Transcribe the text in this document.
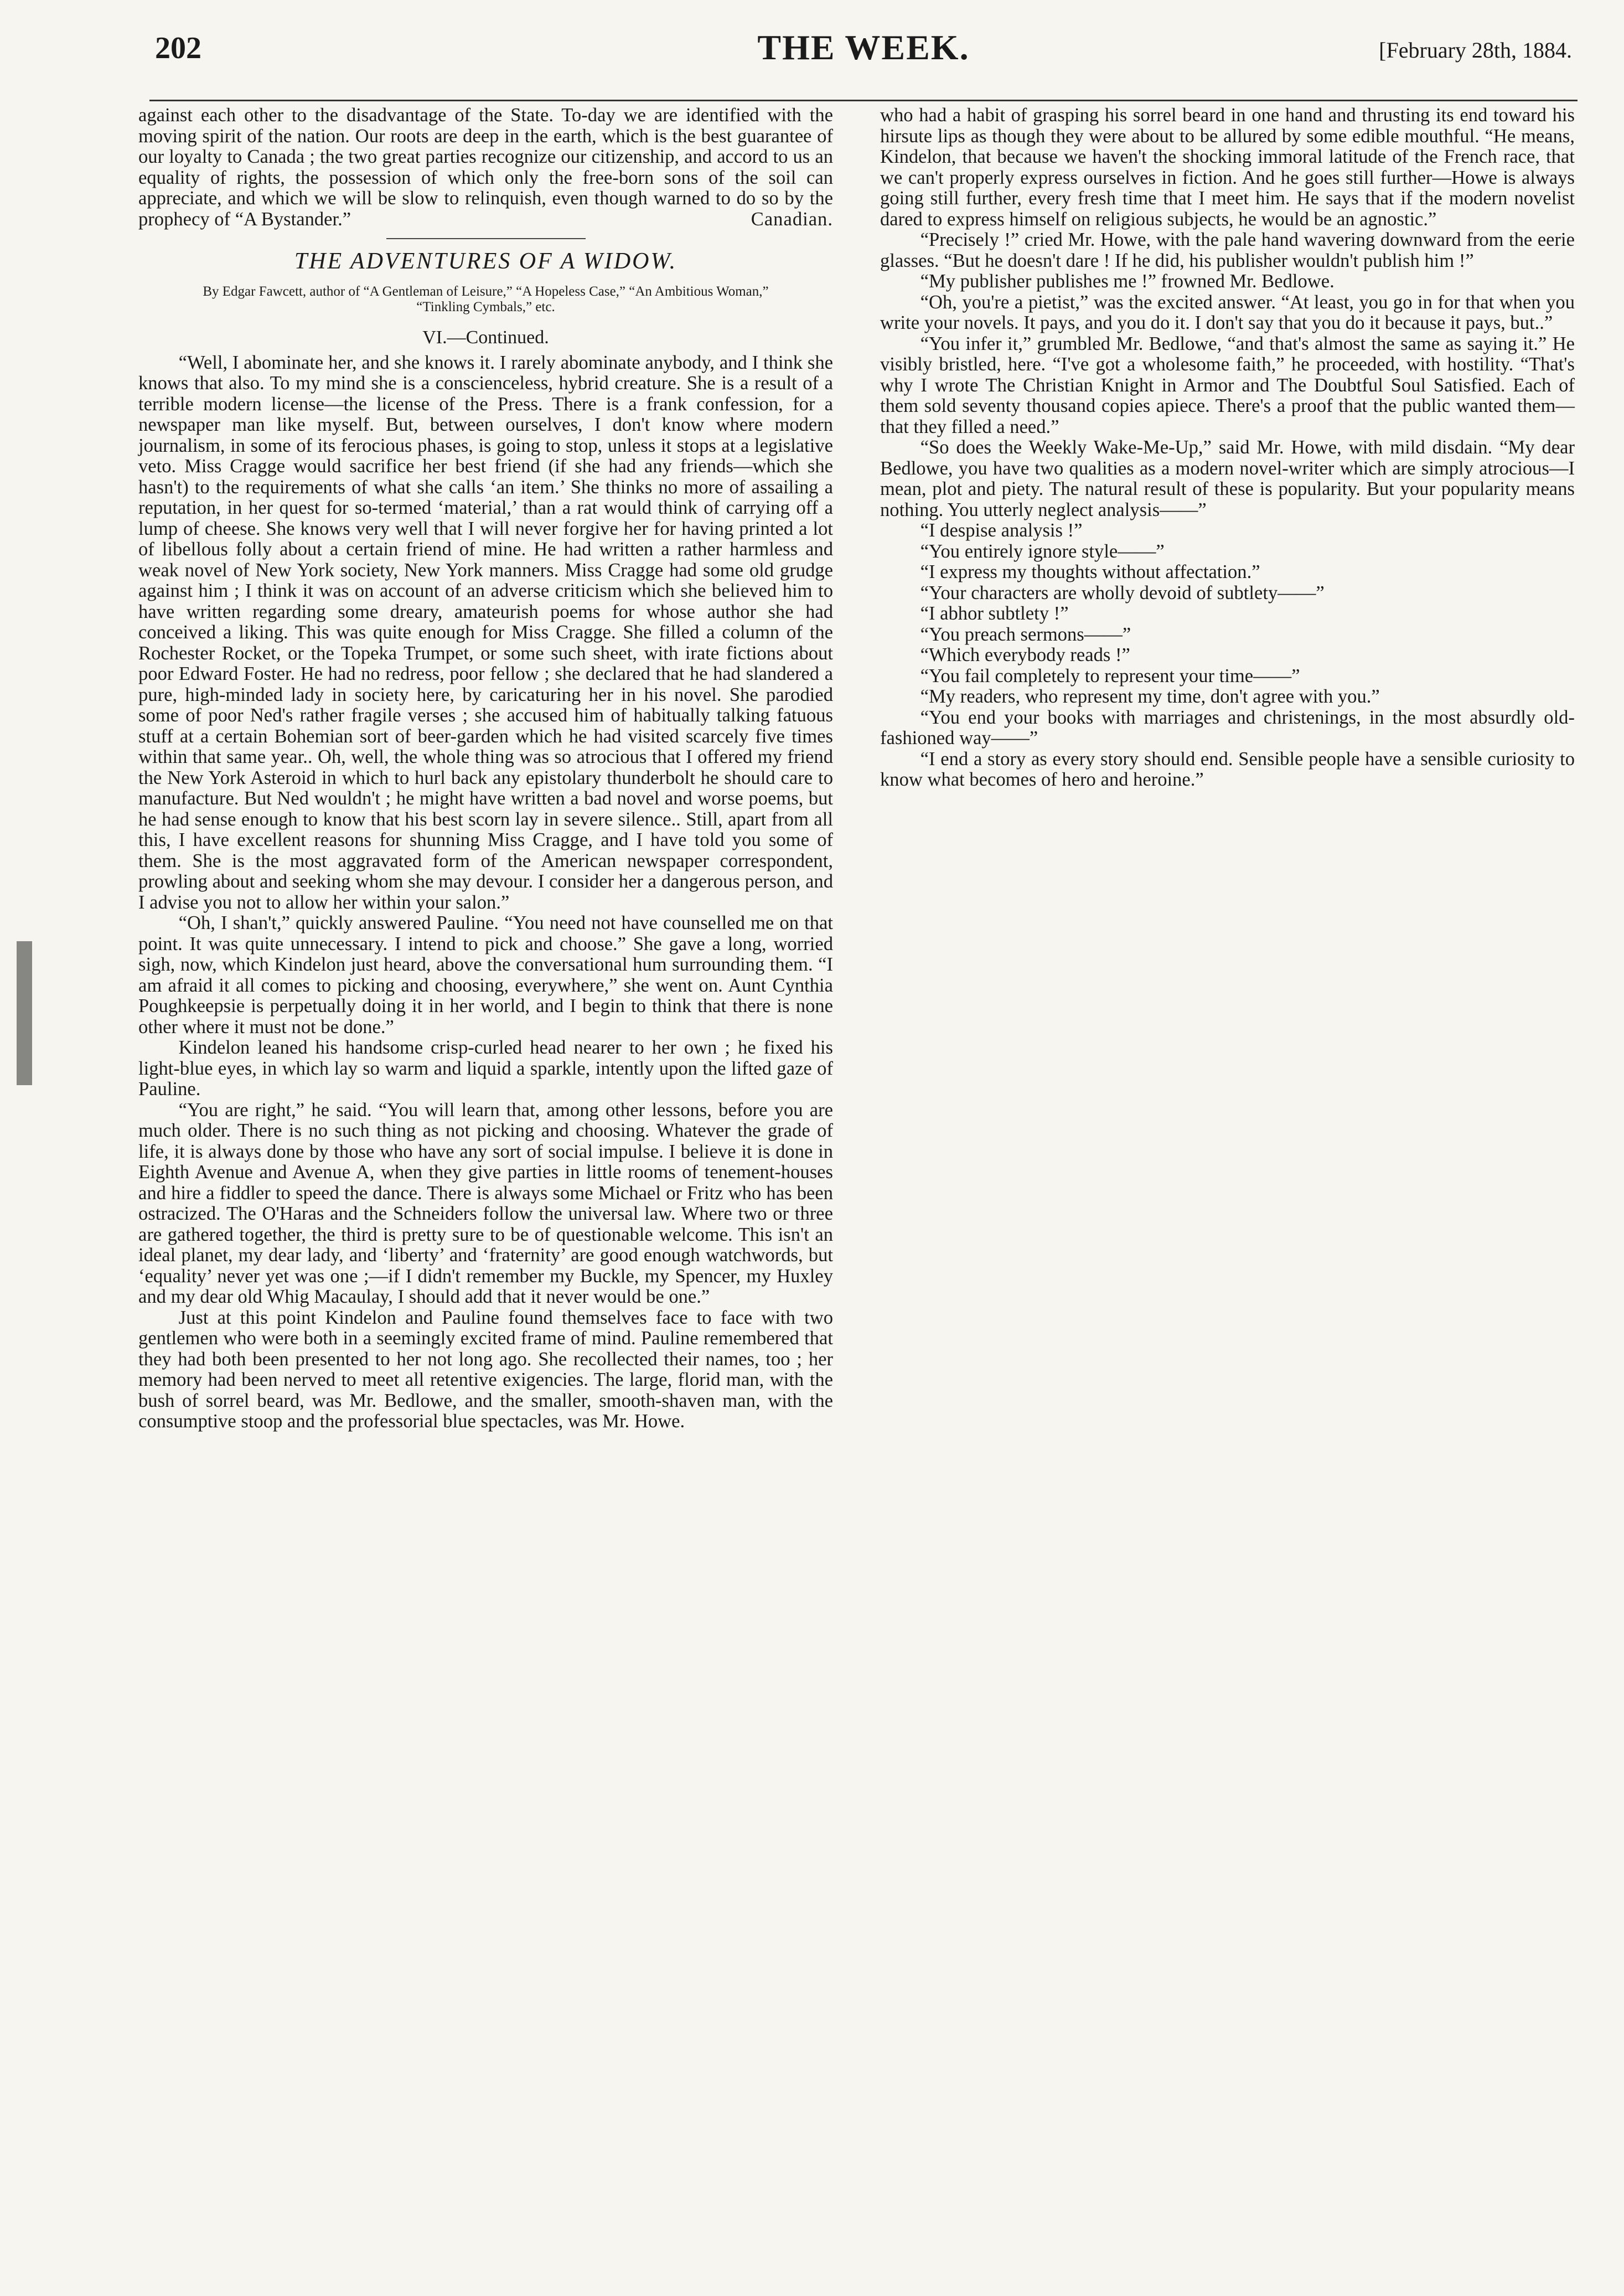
202	THE WEEK.	[February 28th, 1884.

against each other to the disadvantage of the State. To-day we are identified with the moving spirit of the nation. Our roots are deep in the earth, which is the best guarantee of our loyalty to Canada ; the two great parties recognize our citizenship, and accord to us an equality of rights, the possession of which only the free-born sons of the soil can appreciate, and which we will be slow to relinquish, even though warned to do so by the prophecy of “A Bystander.”	Canadian.
THE ADVENTURES OF A WIDOW.
By Edgar Fawcett, author of “A Gentleman of Leisure,” “A Hopeless Case,” “An Ambitious Woman,” “Tinkling Cymbals,” etc.
VI.—Continued.

“Well, I abominate her, and she knows it. I rarely abominate anybody, and I think she knows that also. To my mind she is a conscienceless, hybrid creature. She is a result of a terrible modern license—the license of the Press. There is a frank confession, for a newspaper man like myself. But, between ourselves, I don't know where modern journalism, in some of its ferocious phases, is going to stop, unless it stops at a legislative veto. Miss Cragge would sacrifice her best friend (if she had any friends—which she hasn't) to the requirements of what she calls ‘an item.’ She thinks no more of assailing a reputation, in her quest for so-termed ‘material,’ than a rat would think of carrying off a lump of cheese. She knows very well that I will never forgive her for having printed a lot of libellous folly about a certain friend of mine. He had written a rather harmless and weak novel of New York society, New York manners. Miss Cragge had some old grudge against him ; I think it was on account of an adverse criticism which she believed him to have written regarding some dreary, amateurish poems for whose author she had conceived a liking. This was quite enough for Miss Cragge. She filled a column of the Rochester Rocket, or the Topeka Trumpet, or some such sheet, with irate fictions about poor Edward Foster. He had no redress, poor fellow ; she declared that he had slandered a pure, high-minded lady in society here, by caricaturing her in his novel. She parodied some of poor Ned's rather fragile verses ; she accused him of habitually talking fatuous stuff at a certain Bohemian sort of beer-garden which he had visited scarcely five times within that same year.. Oh, well, the whole thing was so atrocious that I offered my friend the New York Asteroid in which to hurl back any epistolary thunderbolt he should care to manufacture. But Ned wouldn't ; he might have written a bad novel and worse poems, but he had sense enough to know that his best scorn lay in severe silence.. Still, apart from all this, I have excellent reasons for shunning Miss Cragge, and I have told you some of them. She is the most aggravated form of the American newspaper correspondent, prowling about and seeking whom she may devour. I consider her a dangerous person, and I advise you not to allow her within your salon.”

“Oh, I shan't,” quickly answered Pauline. “You need not have counselled me on that point. It was quite unnecessary. I intend to pick and choose.” She gave a long, worried sigh, now, which Kindelon just heard, above the conversational hum surrounding them. “I am afraid it all comes to picking and choosing, everywhere,” she went on. Aunt Cynthia Poughkeepsie is perpetually doing it in her world, and I begin to think that there is none other where it must not be done.”

Kindelon leaned his handsome crisp-curled head nearer to her own ; he fixed his light-blue eyes, in which lay so warm and liquid a sparkle, intently upon the lifted gaze of Pauline.

“You are right,” he said. “You will learn that, among other lessons, before you are much older. There is no such thing as not picking and choosing. Whatever the grade of life, it is always done by those who have any sort of social impulse. I believe it is done in Eighth Avenue and Avenue A, when they give parties in little rooms of tenement-houses and hire a fiddler to speed the dance. There is always some Michael or Fritz who has been ostracized. The O'Haras and the Schneiders follow the universal law. Where two or three are gathered together, the third is pretty sure to be of questionable welcome. This isn't an ideal planet, my dear lady, and ‘liberty’ and ‘fraternity’ are good enough watchwords, but ‘equality’ never yet was one ;—if I didn't remember my Buckle, my Spencer, my Huxley and my dear old Whig Macaulay, I should add that it never would be one.”

Just at this point Kindelon and Pauline found themselves face to face with two gentlemen who were both in a seemingly excited frame of mind. Pauline remembered that they had both been presented to her not long ago. She recollected their names, too ; her memory had been nerved to meet all retentive exigencies. The large, florid man, with the bush of sorrel beard, was Mr. Bedlowe, and the smaller, smooth-shaven man, with the consumptive stoop and the professorial blue spectacles, was Mr. Howe.

who had a habit of grasping his sorrel beard in one hand and thrusting its end toward his hirsute lips as though they were about to be allured by some edible mouthful. “He means, Kindelon, that because we haven't the shocking immoral latitude of the French race, that we can't properly express ourselves in fiction. And he goes still further—Howe is always going still further, every fresh time that I meet him. He says that if the modern novelist dared to express himself on religious subjects, he would be an agnostic.”

“Precisely !” cried Mr. Howe, with the pale hand wavering downward from the eerie glasses. “But he doesn't dare ! If he did, his publisher wouldn't publish him !”

“My publisher publishes me !” frowned Mr. Bedlowe.

“Oh, you're a pietist,” was the excited answer. “At least, you go in for that when you write your novels. It pays, and you do it. I don't say that you do it because it pays, but..”

“You infer it,” grumbled Mr. Bedlowe, “and that's almost the same as saying it.” He visibly bristled, here. “I've got a wholesome faith,” he proceeded, with hostility. “That's why I wrote The Christian Knight in Armor and The Doubtful Soul Satisfied. Each of them sold seventy thousand copies apiece. There's a proof that the public wanted them—that they filled a need.”

“So does the Weekly Wake-Me-Up,” said Mr. Howe, with mild disdain. “My dear Bedlowe, you have two qualities as a modern novel-writer which are simply atrocious—I mean, plot and piety. The natural result of these is popularity. But your popularity means nothing. You utterly neglect analysis——”

“I despise analysis !”

“You entirely ignore style——”

“I express my thoughts without affectation.”

“Your characters are wholly devoid of subtlety——”

“I abhor subtlety !”

“You preach sermons——”

“Which everybody reads !”

“You fail completely to represent your time——”

“My readers, who represent my time, don't agree with you.”

“You end your books with marriages and christenings, in the most absurdly old-fashioned way——”

“I end a story as every story should end. Sensible people have a sensible curiosity to know what becomes of hero and heroine.”
